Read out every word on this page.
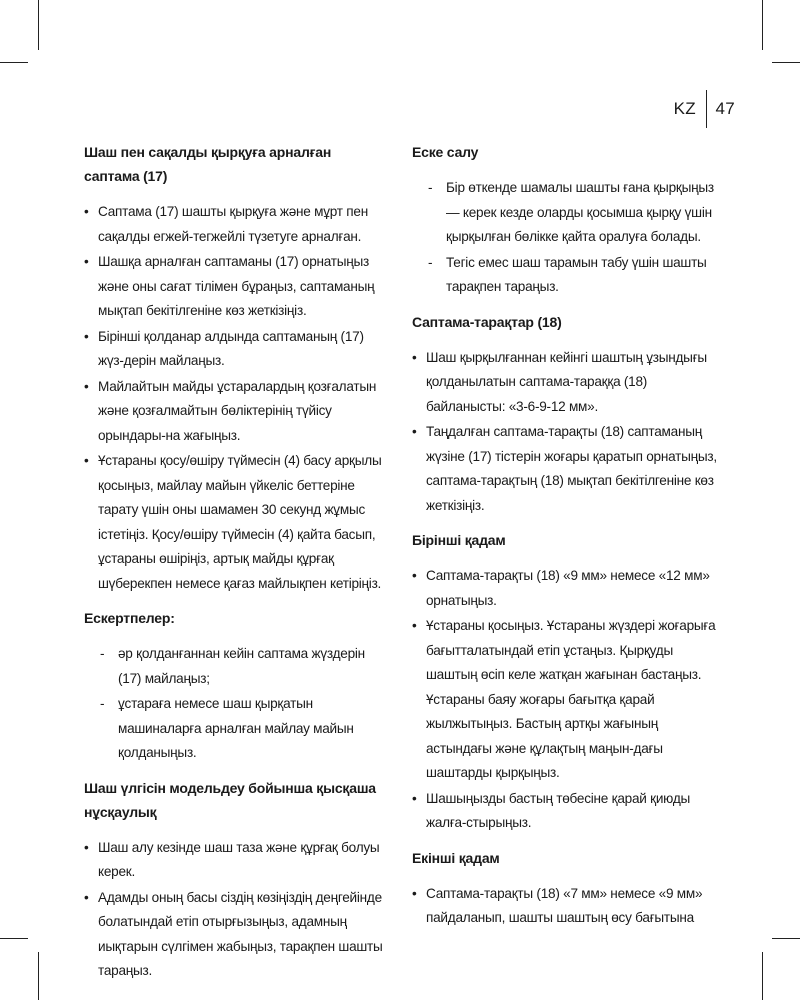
KZ	47
Шаш пен сақалды қырқуға арналған саптама (17)
• Саптама (17) шашты қырқуға және мұрт пен сақалды егжей-тегжейлі түзетуге арналған.
• Шашқа арналған саптаманы (17) орнатыңыз және оны сағат тілімен бұраңыз, саптаманың мықтап бекітілгеніне көз жеткізіңіз.
• Бірінші қолданар алдында саптаманың (17) жүз-дерін майлаңыз.
• Майлайтын майды ұстаралардың қозғалатын және қозғалмайтын бөліктерінің түйісу орындары-на жағыңыз.
• Ұстараны қосу/өшіру түймесін (4) басу арқылы қосыңыз, майлау майын үйкеліс беттеріне тарату үшін оны шамамен 30 секунд жұмыс істетіңіз. Қосу/өшіру түймесін (4) қайта басып, ұстараны өшіріңіз, артық майды құрғақ шүберекпен немесе қағаз майлықпен кетіріңіз.
Ескертпелер:
- әр қолданғаннан кейін саптама жүздерін (17) майлаңыз;
- ұстараға немесе шаш қырқатын машиналарға арналған майлау майын қолданыңыз.
Шаш үлгісін модельдеу бойынша қысқаша нұсқаулық
• Шаш алу кезінде шаш таза және құрғақ болуы керек.
• Адамды оның басы сіздің көзіңіздің деңгейінде болатындай етіп отырғызыңыз, адамның иықтарын сүлгімен жабыңыз, тарақпен шашты тараңыз.
Еске салу
- Бір өткенде шамалы шашты ғана қырқыңыз — керек кезде оларды қосымша қырқу үшін қырқылған бөлікке қайта оралуға болады.
- Тегіс емес шаш тарамын табу үшін шашты тарақпен тараңыз.
Саптама-тарақтар (18)
• Шаш қырқылғаннан кейінгі шаштың ұзындығы қолданылатын саптама-тараққа (18) байланысты: «3-6-9-12 мм».
• Таңдалған саптама-тарақты (18) саптаманың жүзіне (17) тістерін жоғары қаратып орнатыңыз, саптама-тарақтың (18) мықтап бекітілгеніне көз жеткізіңіз.
Бірінші қадам
• Саптама-тарақты (18) «9 мм» немесе «12 мм» орнатыңыз.
• Ұстараны қосыңыз. Ұстараны жүздері жоғарыға бағытталатындай етіп ұстаңыз. Қырқуды шаштың өсіп келе жатқан жағынан бастаңыз. Ұстараны баяу жоғары бағытқа қарай жылжытыңыз. Бастың артқы жағының астындағы және құлақтың маңын-дағы шаштарды қырқыңыз.
• Шашыңызды бастың төбесіне қарай қиюды жалға-стырыңыз.
Екінші қадам
• Саптама-тарақты (18) «7 мм» немесе «9 мм» пайдаланып, шашты шаштың өсу бағытына
